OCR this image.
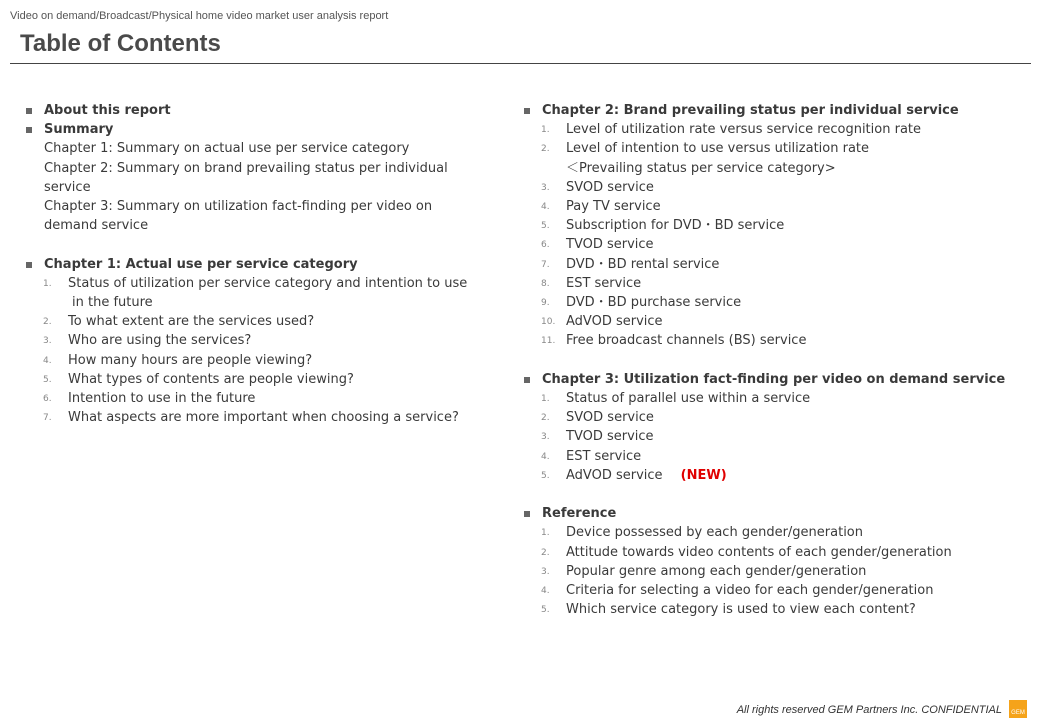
Video on demand/Broadcast/Physical home video market user analysis report
Table of Contents
About this report
Summary
Chapter 1: Summary on actual use per service category
Chapter 2: Summary on brand prevailing status per individual
service
Chapter 3: Summary on utilization fact-finding per video on
demand service
Chapter 1: Actual use per service category
1. Status of utilization per service category and intention to use
in the future
2. To what extent are the services used?
3. Who are using the services?
4. How many hours are people viewing?
5. What types of contents are people viewing?
6. Intention to use in the future
7. What aspects are more important when choosing a service?
Chapter 2: Brand prevailing status per individual service
1. Level of utilization rate versus service recognition rate
2. Level of intention to use versus utilization rate
＜Prevailing status per service category>
3. SVOD service
4. Pay TV service
5. Subscription for DVD・BD service
6. TVOD service
7. DVD・BD rental service
8. EST service
9. DVD・BD purchase service
10. AdVOD service
11. Free broadcast channels (BS) service
Chapter 3: Utilization fact-finding per video on demand service
1. Status of parallel use within a service
2. SVOD service
3. TVOD service
4. EST service
5. AdVOD service (NEW)
Reference
1. Device possessed by each gender/generation
2. Attitude towards video contents of each gender/generation
3. Popular genre among each gender/generation
4. Criteria for selecting a video for each gender/generation
5. Which service category is used to view each content?
All rights reserved GEM Partners Inc. CONFIDENTIAL	GEM
